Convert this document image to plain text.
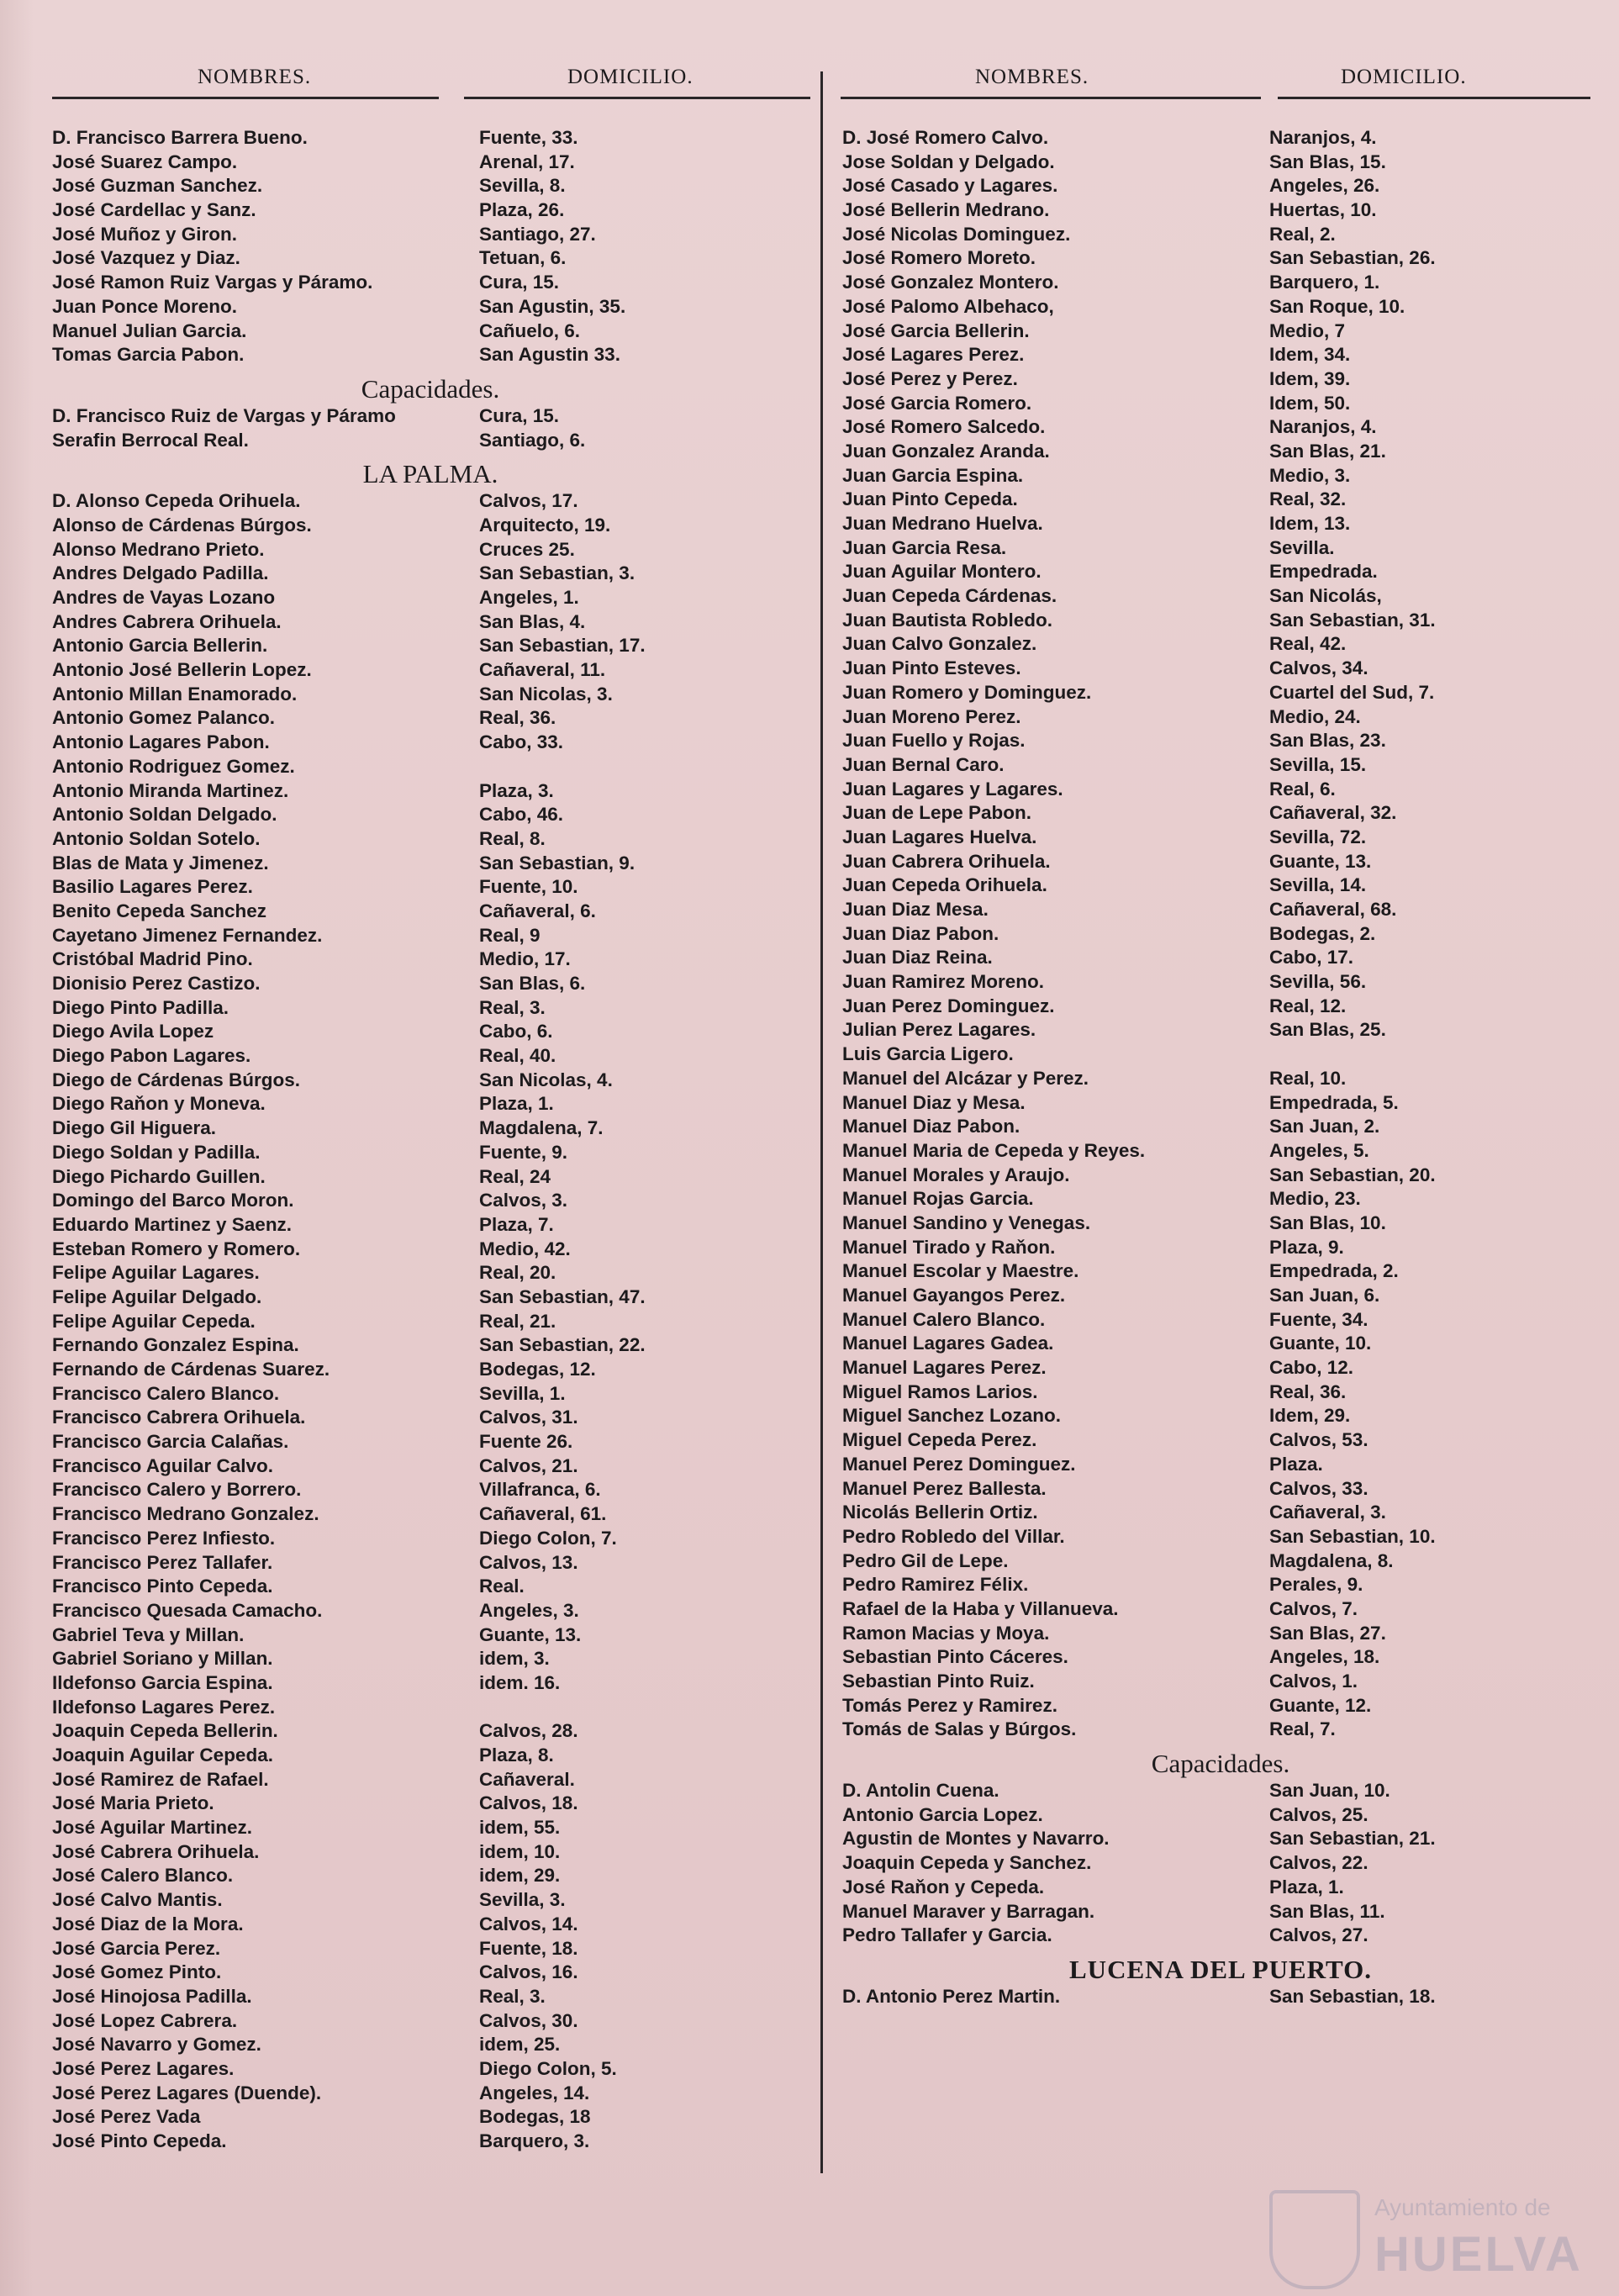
NOMBRES.	DOMICILIO.	NOMBRES.	DOMICILIO.
D. Francisco Barrera Bueno.	Fuente, 33.
José Suarez Campo.	Arenal, 17.
José Guzman Sanchez.	Sevilla, 8.
José Cardellac y Sanz.	Plaza, 26.
José Muñoz y Giron.	Santiago, 27.
José Vazquez y Diaz.	Tetuan, 6.
José Ramon Ruiz Vargas y Páramo.	Cura, 15.
Juan Ponce Moreno.	San Agustin, 35.
Manuel Julian Garcia.	Cañuelo, 6.
Tomas Garcia Pabon.	San Agustin 33.
Capacidades.
D. Francisco Ruiz de Vargas y Páramo	Cura, 15.
Serafin Berrocal Real.	Santiago, 6.
LA PALMA.
D. Alonso Cepeda Orihuela.	Calvos, 17.
Alonso de Cárdenas Búrgos.	Arquitecto, 19.
Alonso Medrano Prieto.	Cruces 25.
Andres Delgado Padilla.	San Sebastian, 3.
Andres de Vayas Lozano	Angeles, 1.
Andres Cabrera Orihuela.	San Blas, 4.
Antonio Garcia Bellerin.	San Sebastian, 17.
Antonio José Bellerin Lopez.	Cañaveral, 11.
Antonio Millan Enamorado.	San Nicolas, 3.
Antonio Gomez Palanco.	Real, 36.
Antonio Lagares Pabon.	Cabo, 33.
Antonio Rodriguez Gomez.
Antonio Miranda Martinez.	Plaza, 3.
Antonio Soldan Delgado.	Cabo, 46.
Antonio Soldan Sotelo.	Real, 8.
Blas de Mata y Jimenez.	San Sebastian, 9.
Basilio Lagares Perez.	Fuente, 10.
Benito Cepeda Sanchez	Cañaveral, 6.
Cayetano Jimenez Fernandez.	Real, 9
Cristóbal Madrid Pino.	Medio, 17.
Dionisio Perez Castizo.	San Blas, 6.
Diego Pinto Padilla.	Real, 3.
Diego Avila Lopez	Cabo, 6.
Diego Pabon Lagares.	Real, 40.
Diego de Cárdenas Búrgos.	San Nicolas, 4.
Diego Raňon y Moneva.	Plaza, 1.
Diego Gil Higuera.	Magdalena, 7.
Diego Soldan y Padilla.	Fuente, 9.
Diego Pichardo Guillen.	Real, 24
Domingo del Barco Moron.	Calvos, 3.
Eduardo Martinez y Saenz.	Plaza, 7.
Esteban Romero y Romero.	Medio, 42.
Felipe Aguilar Lagares.	Real, 20.
Felipe Aguilar Delgado.	San Sebastian, 47.
Felipe Aguilar Cepeda.	Real, 21.
Fernando Gonzalez Espina.	San Sebastian, 22.
Fernando de Cárdenas Suarez.	Bodegas, 12.
Francisco Calero Blanco.	Sevilla, 1.
Francisco Cabrera Orihuela.	Calvos, 31.
Francisco Garcia Calañas.	Fuente 26.
Francisco Aguilar Calvo.	Calvos, 21.
Francisco Calero y Borrero.	Villafranca, 6.
Francisco Medrano Gonzalez.	Cañaveral, 61.
Francisco Perez Infiesto.	Diego Colon, 7.
Francisco Perez Tallafer.	Calvos, 13.
Francisco Pinto Cepeda.	Real.
Francisco Quesada Camacho.	Angeles, 3.
Gabriel Teva y Millan.	Guante, 13.
Gabriel Soriano y Millan.	idem, 3.
Ildefonso Garcia Espina.	idem. 16.
Ildefonso Lagares Perez.
Joaquin Cepeda Bellerin.	Calvos, 28.
Joaquin Aguilar Cepeda.	Plaza, 8.
José Ramirez de Rafael.	Cañaveral.
José Maria Prieto.	Calvos, 18.
José Aguilar Martinez.	idem, 55.
José Cabrera Orihuela.	idem, 10.
José Calero Blanco.	idem, 29.
José Calvo Mantis.	Sevilla, 3.
José Diaz de la Mora.	Calvos, 14.
José Garcia Perez.	Fuente, 18.
José Gomez Pinto.	Calvos, 16.
José Hinojosa Padilla.	Real, 3.
José Lopez Cabrera.	Calvos, 30.
José Navarro y Gomez.	idem, 25.
José Perez Lagares.	Diego Colon, 5.
José Perez Lagares (Duende).	Angeles, 14.
José Perez Vada	Bodegas, 18
José Pinto Cepeda.	Barquero, 3.
D. José Romero Calvo.	Naranjos, 4.
Jose Soldan y Delgado.	San Blas, 15.
José Casado y Lagares.	Angeles, 26.
José Bellerin Medrano.	Huertas, 10.
José Nicolas Dominguez.	Real, 2.
José Romero Moreto.	San Sebastian, 26.
José Gonzalez Montero.	Barquero, 1.
José Palomo Albehaco,	San Roque, 10.
José Garcia Bellerin.	Medio, 7
José Lagares Perez.	Idem, 34.
José Perez y Perez.	Idem, 39.
José Garcia Romero.	Idem, 50.
José Romero Salcedo.	Naranjos, 4.
Juan Gonzalez Aranda.	San Blas, 21.
Juan Garcia Espina.	Medio, 3.
Juan Pinto Cepeda.	Real, 32.
Juan Medrano Huelva.	Idem, 13.
Juan Garcia Resa.	Sevilla.
Juan Aguilar Montero.	Empedrada.
Juan Cepeda Cárdenas.	San Nicolás,
Juan Bautista Robledo.	San Sebastian, 31.
Juan Calvo Gonzalez.	Real, 42.
Juan Pinto Esteves.	Calvos, 34.
Juan Romero y Dominguez.	Cuartel del Sud, 7.
Juan Moreno Perez.	Medio, 24.
Juan Fuello y Rojas.	San Blas, 23.
Juan Bernal Caro.	Sevilla, 15.
Juan Lagares y Lagares.	Real, 6.
Juan de Lepe Pabon.	Cañaveral, 32.
Juan Lagares Huelva.	Sevilla, 72.
Juan Cabrera Orihuela.	Guante, 13.
Juan Cepeda Orihuela.	Sevilla, 14.
Juan Diaz Mesa.	Cañaveral, 68.
Juan Diaz Pabon.	Bodegas, 2.
Juan Diaz Reina.	Cabo, 17.
Juan Ramirez Moreno.	Sevilla, 56.
Juan Perez Dominguez.	Real, 12.
Julian Perez Lagares.	San Blas, 25.
Luis Garcia Ligero.
Manuel del Alcázar y Perez.	Real, 10.
Manuel Diaz y Mesa.	Empedrada, 5.
Manuel Diaz Pabon.	San Juan, 2.
Manuel Maria de Cepeda y Reyes.	Angeles, 5.
Manuel Morales y Araujo.	San Sebastian, 20.
Manuel Rojas Garcia.	Medio, 23.
Manuel Sandino y Venegas.	San Blas, 10.
Manuel Tirado y Raňon.	Plaza, 9.
Manuel Escolar y Maestre.	Empedrada, 2.
Manuel Gayangos Perez.	San Juan, 6.
Manuel Calero Blanco.	Fuente, 34.
Manuel Lagares Gadea.	Guante, 10.
Manuel Lagares Perez.	Cabo, 12.
Miguel Ramos Larios.	Real, 36.
Miguel Sanchez Lozano.	Idem, 29.
Miguel Cepeda Perez.	Calvos, 53.
Manuel Perez Dominguez.	Plaza.
Manuel Perez Ballesta.	Calvos, 33.
Nicolás Bellerin Ortiz.	Cañaveral, 3.
Pedro Robledo del Villar.	San Sebastian, 10.
Pedro Gil de Lepe.	Magdalena, 8.
Pedro Ramirez Félix.	Perales, 9.
Rafael de la Haba y Villanueva.	Calvos, 7.
Ramon Macias y Moya.	San Blas, 27.
Sebastian Pinto Cáceres.	Angeles, 18.
Sebastian Pinto Ruiz.	Calvos, 1.
Tomás Perez y Ramirez.	Guante, 12.
Tomás de Salas y Búrgos.	Real, 7.
Capacidades.
D. Antolin Cuena.	San Juan, 10.
Antonio Garcia Lopez.	Calvos, 25.
Agustin de Montes y Navarro.	San Sebastian, 21.
Joaquin Cepeda y Sanchez.	Calvos, 22.
José Raňon y Cepeda.	Plaza, 1.
Manuel Maraver y Barragan.	San Blas, 11.
Pedro Tallafer y Garcia.	Calvos, 27.
LUCENA DEL PUERTO.
D. Antonio Perez Martin.	San Sebastian, 18.
Ayuntamiento de
HUELVA
